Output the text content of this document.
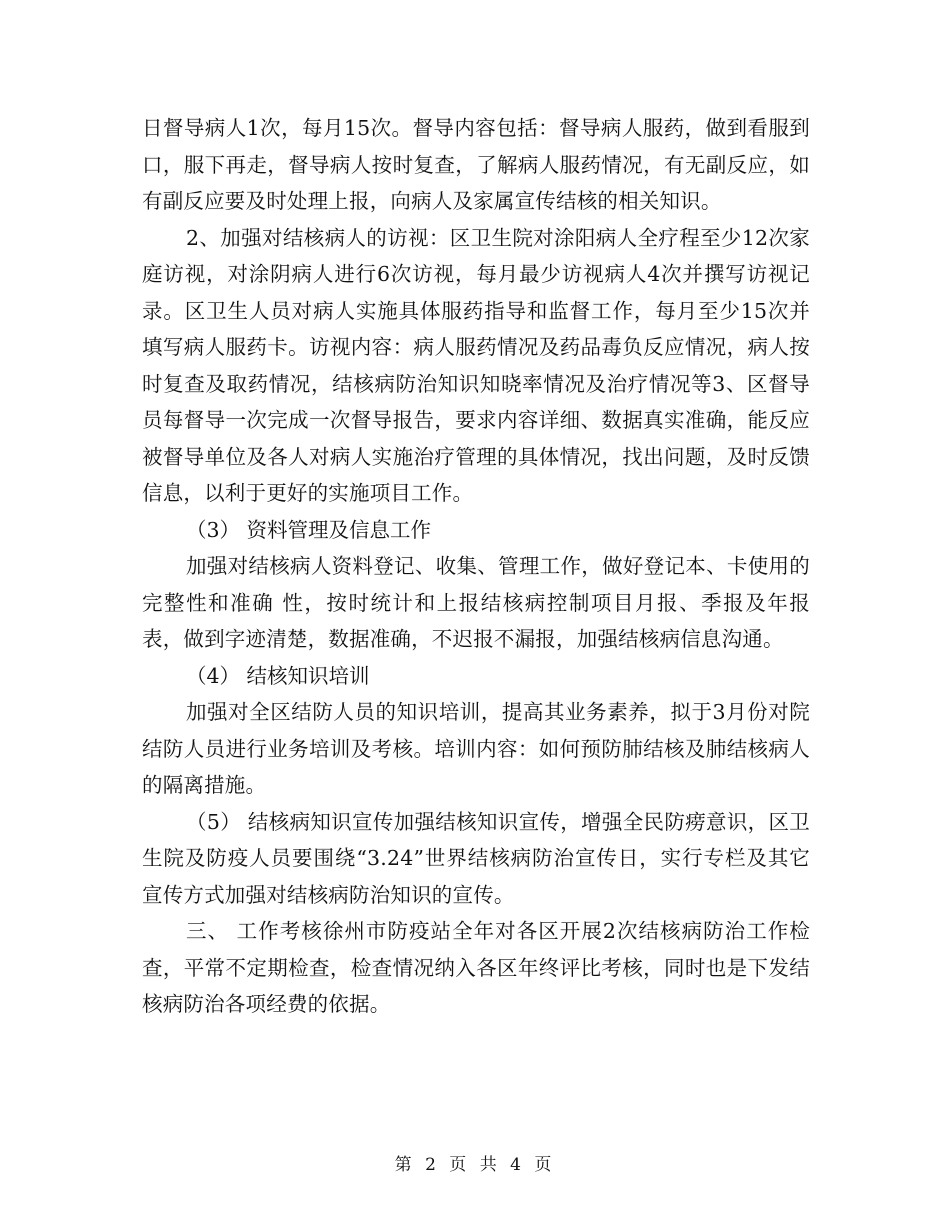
日督导病人1次，每月15次。督导内容包括：督导病人服药，做到看服到口，服下再走，督导病人按时复查，了解病人服药情况，有无副反应，如有副反应要及时处理上报，向病人及家属宣传结核的相关知识。

2、加强对结核病人的访视：区卫生院对涂阳病人全疗程至少12次家庭访视，对涂阴病人进行6次访视，每月最少访视病人4次并撰写访视记录。区卫生人员对病人实施具体服药指导和监督工作，每月至少15次并填写病人服药卡。访视内容：病人服药情况及药品毒负反应情况，病人按时复查及取药情况，结核病防治知识知晓率情况及治疗情况等3、区督导员每督导一次完成一次督导报告，要求内容详细、数据真实准确，能反应被督导单位及各人对病人实施治疗管理的具体情况，找出问题，及时反馈信息，以利于更好的实施项目工作。

（3） 资料管理及信息工作

加强对结核病人资料登记、收集、管理工作，做好登记本、卡使用的完整性和准确 性，按时统计和上报结核病控制项目月报、季报及年报表，做到字迹清楚，数据准确，不迟报不漏报，加强结核病信息沟通。

（4） 结核知识培训

加强对全区结防人员的知识培训，提高其业务素养，拟于3月份对院结防人员进行业务培训及考核。培训内容：如何预防肺结核及肺结核病人的隔离措施。

（5） 结核病知识宣传加强结核知识宣传，增强全民防痨意识，区卫生院及防疫人员要围绕“3.24”世界结核病防治宣传日，实行专栏及其它宣传方式加强对结核病防治知识的宣传。

三、 工作考核徐州市防疫站全年对各区开展2次结核病防治工作检查，平常不定期检查，检查情况纳入各区年终评比考核，同时也是下发结核病防治各项经费的依据。

第 2 页 共 4 页
